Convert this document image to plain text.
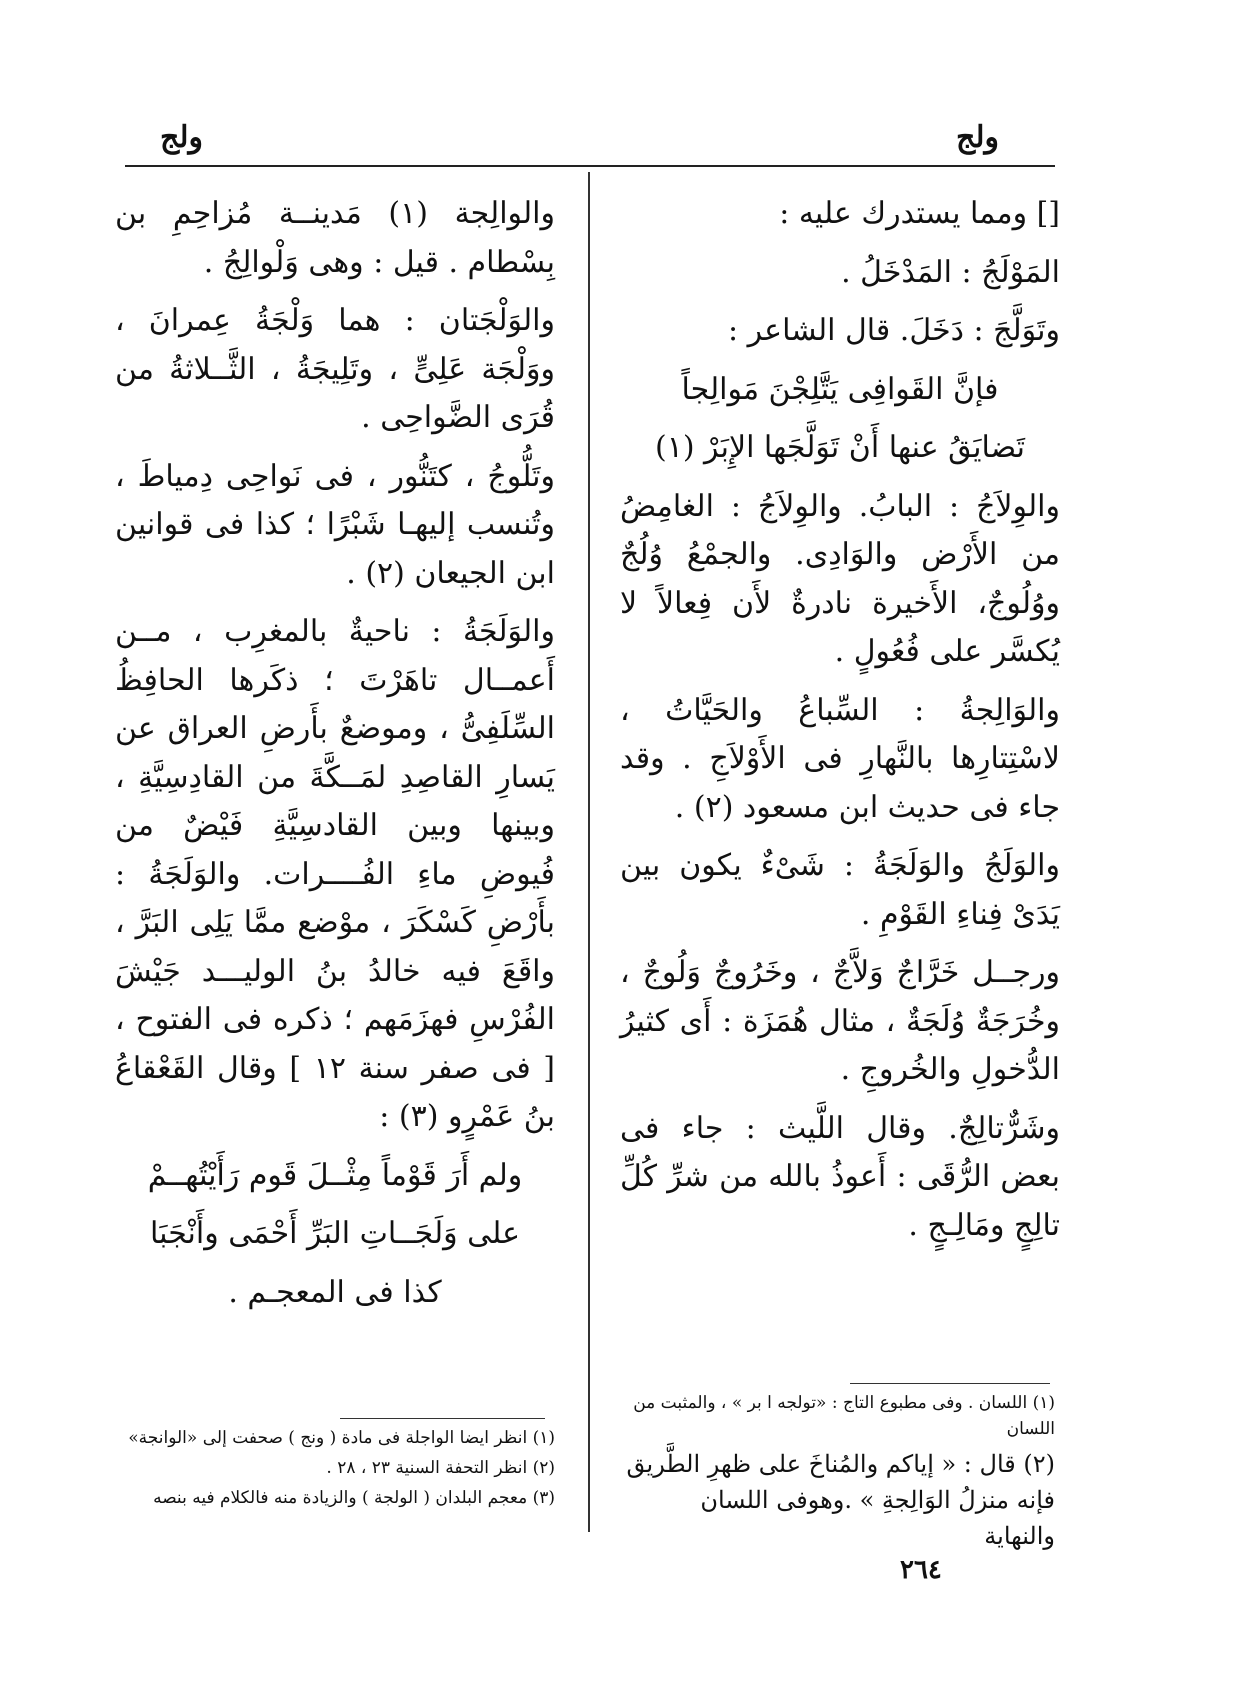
ولج	ولج

[] ومما يستدرك عليه :

المَوْلَجُ : المَدْخَلُ .

وتَوَلَّجَ : دَخَلَ. قال الشاعر :

فإنَّ القَوافِى يَتَّلِجْنَ مَوالِجاً

تَضايَقُ عنها أَنْ تَوَلَّجَها الإِبَرْ (١)

والوِلاَجُ : البابُ. والوِلاَجُ : الغامِضُ من الأَرْض والوَادِى. والجمْعُ وُلُجٌ ووُلُوجٌ، الأَخيرة نادرةٌ لأَن فِعالاً لا يُكسَّر على فُعُولٍ .

والوَالِجةُ : السِّباعُ والحَيَّاتُ ، لاسْتِتارِها بالنَّهارِ فى الأَوْلاَجِ . وقد جاء فى حديث ابن مسعود (٢) .

والوَلَجُ والوَلَجَةُ : شَىْءٌ يكون بين يَدَىْ فِناءِ القَوْمِ .

ورجــل خَرَّاجٌ وَلاَّجٌ ، وخَرُوجٌ وَلُوجٌ ، وخُرَجَةٌ وُلَجَةٌ ، مثال هُمَزَة : أَى كثيرُ الدُّخولِ والخُروجِ .

وشَرٌّتالِجٌ. وقال اللَّيث : جاء فى بعض الرُّقَى : أَعوذُ بالله من شرِّ كُلِّ تالِجٍ ومَالِـجٍ .

(١) اللسان . وفى مطبوع التاج : «تولجه ا بر » ، والمثبت من اللسان

(٢) قال : « إياكم والمُناخَ على ظهرِ الطَّريق فإنه منزلُ الوَالِجةِ » .وهوفى اللسان والنهاية

والوالِجة (١) مَدينــة مُزاحِمِ بن بِسْطام . قيل : وهى وَلْوالِجُ .

والوَلْجَتان : هما وَلْجَةُ عِمرانَ ، ووَلْجَة عَلِىٍّ ، وتَلِيجَةُ ، الثَّــلاثةُ من قُرَى الضَّواحِى .

وتَلُّوجُ ، كتَنُّور ، فى نَواحِى دِمياطَ ، وتُنسب إليهـا شَبْرًا ؛ كذا فى قوانين ابن الجيعان (٢) .

والوَلَجَةُ : ناحيةٌ بالمغرِب ، مــن أَعمــال تاهَرْتَ ؛ ذكَرها الحافِظُ السِّلَفِىُّ ، وموضعٌ بأَرضِ العراق عن يَسارِ القاصِدِ لمَــكَّةَ من القادِسِيَّةِ ، وبينها وبين القادسِيَّةِ فَيْضٌ من فُيوضِ ماءِ الفُــــرات. والوَلَجَةُ : بأَرْضِ كَسْكَرَ ، موْضع ممَّا يَلِى البَرَّ ، واقَعَ فيه خالدُ بنُ الوليـــد جَيْشَ الفُرْسِ فهزَمَهم ؛ ذكره فى الفتوح ، [ فى صفر سنة ١٢ ] وقال القَعْقاعُ بنُ عَمْرٍو (٣) :

ولم أَرَ قَوْماً مِثْــلَ قَوم رَأَيْتُهــمْ

على وَلَجَــاتِ البَرِّ أَحْمَى وأَنْجَبَا

كذا فى المعجـم .

(١) انظر ايضا الواجلة فى مادة ( ونج ) صحفت إلى «الوانجة»

(٢) انظر التحفة السنية ٢٣ ، ٢٨ .

(٣) معجم البلدان ( الولجة ) والزيادة منه فالكلام فيه بنصه

٢٦٤
